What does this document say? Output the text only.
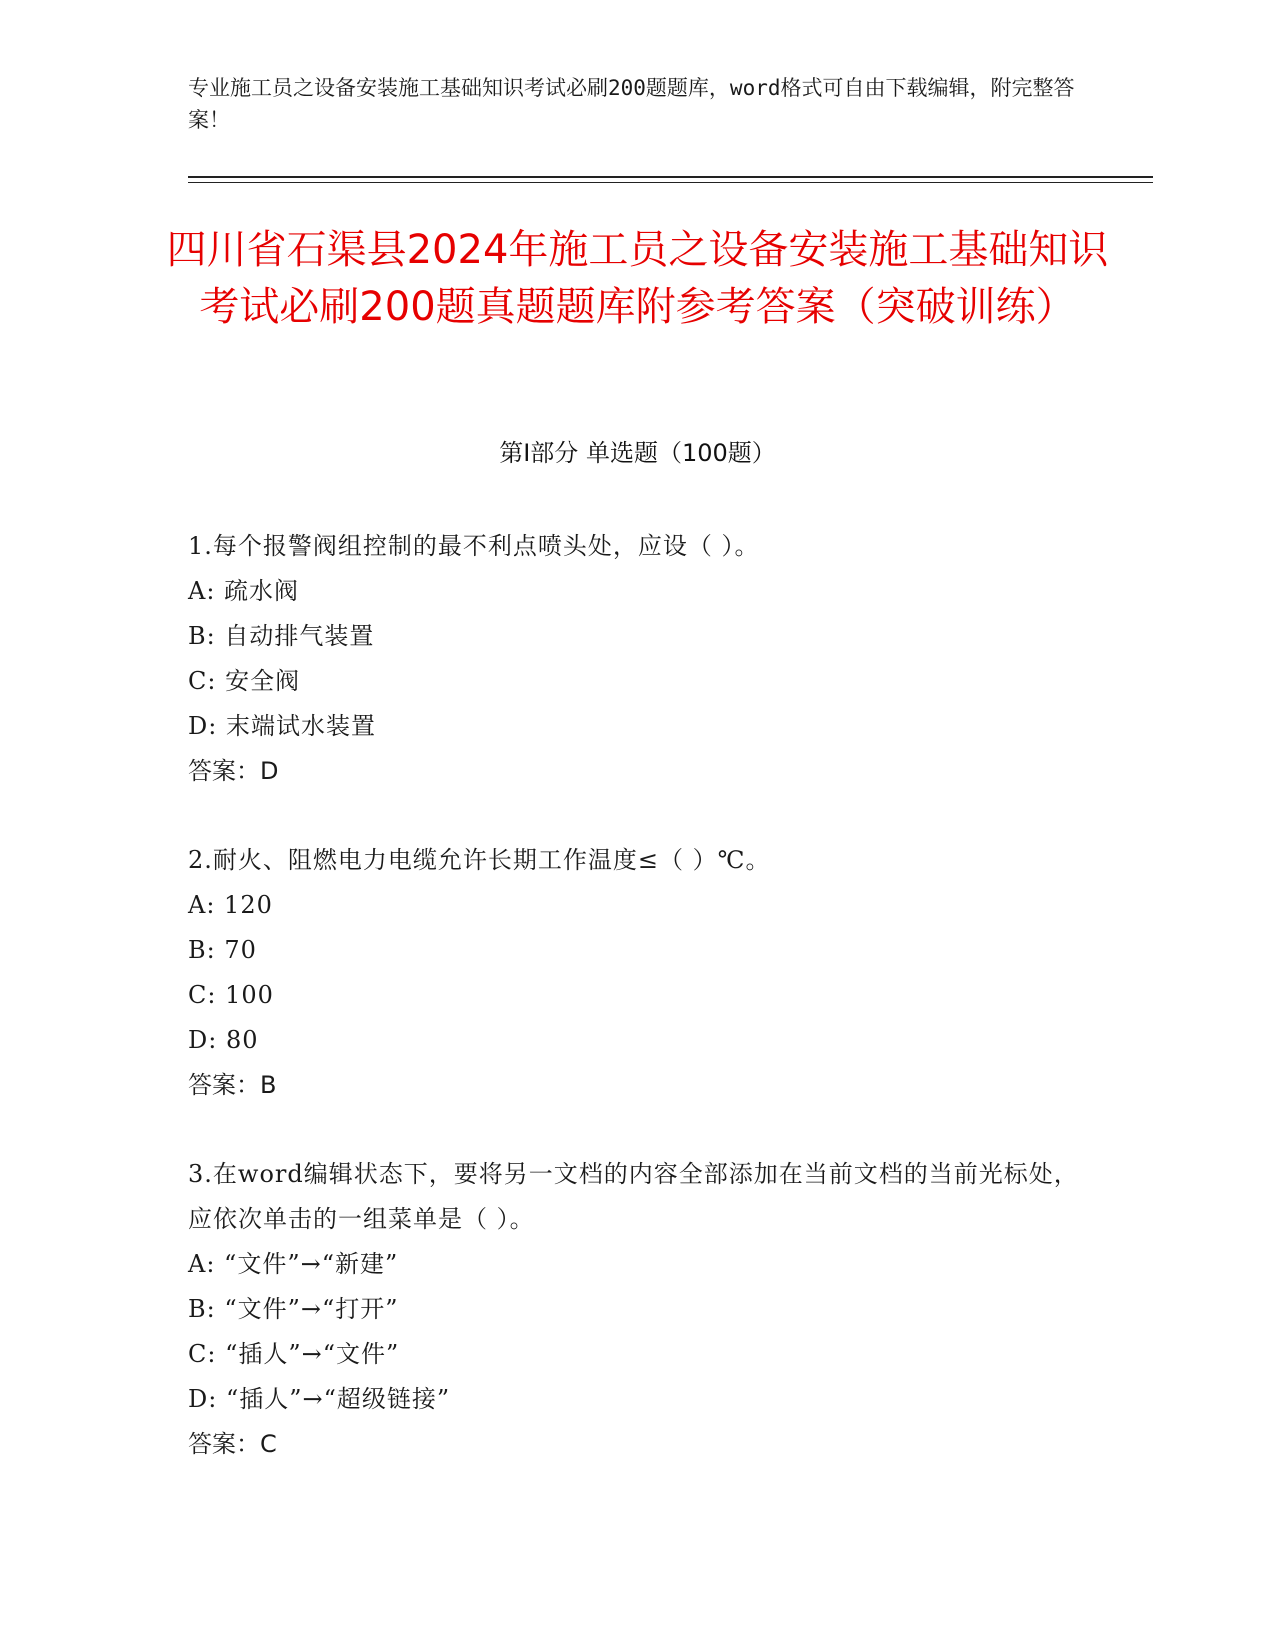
专业施工员之设备安装施工基础知识考试必刷200题题库，word格式可自由下载编辑，附完整答案！
四川省石渠县2024年施工员之设备安装施工基础知识考试必刷200题真题题库附参考答案（突破训练）
第I部分 单选题（100题）
1.每个报警阀组控制的最不利点喷头处，应设（ ）。
A: 疏水阀
B: 自动排气装置
C: 安全阀
D: 末端试水装置
答案：D
2.耐火、阻燃电力电缆允许长期工作温度≤（ ）℃。
A: 120
B: 70
C: 100
D: 80
答案：B
3.在word编辑状态下，要将另一文档的内容全部添加在当前文档的当前光标处，应依次单击的一组菜单是（ ）。
A: “文件”→“新建”
B: “文件”→“打开”
C: “插人”→“文件”
D: “插人”→“超级链接”
答案：C
